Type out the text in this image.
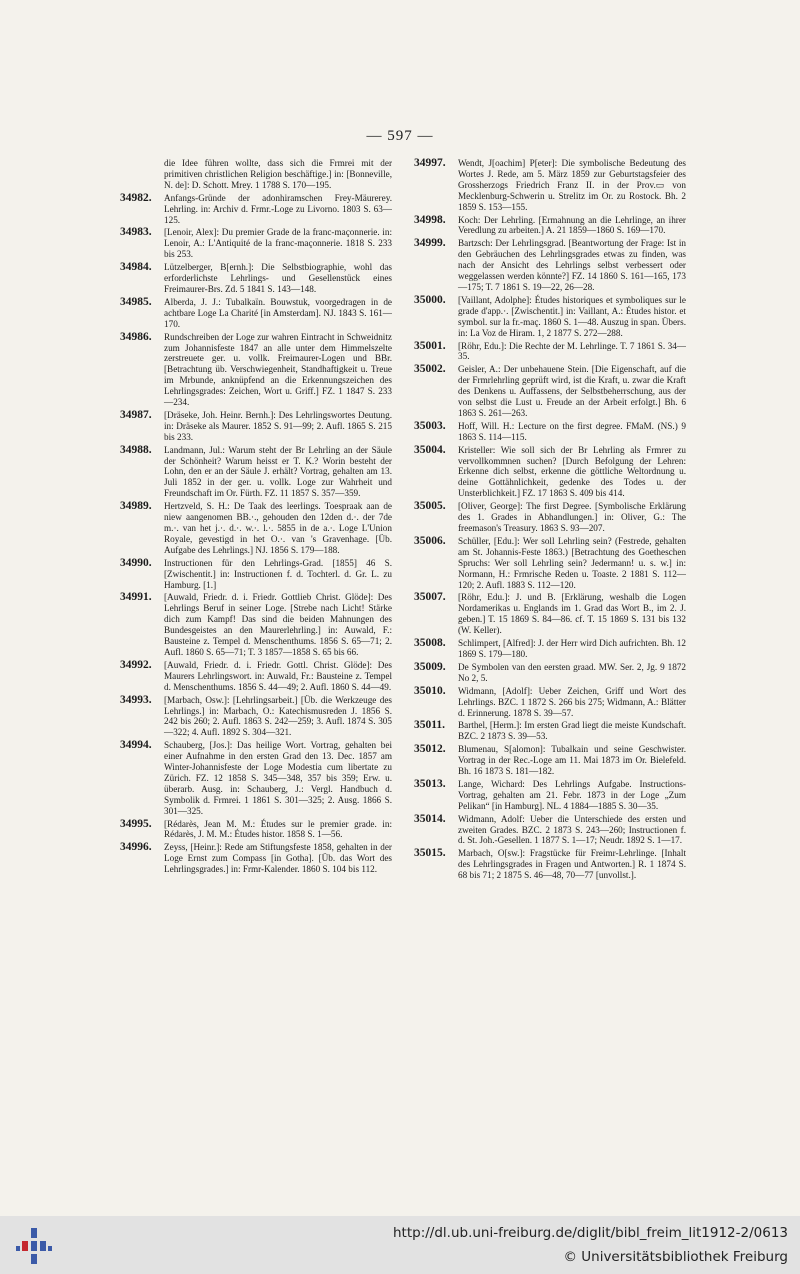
— 597 —
die Idee führen wollte, dass sich die Frmrei mit der primitiven christlichen Religion beschäftige.] in: [Bonneville, N. de]: D. Schott. Mrey. 1 1788 S. 170—195.
34982. Anfangs-Gründe der adonhiramschen Frey-Mäurerey. Lehrling. in: Archiv d. Frmr.-Loge zu Livorno. 1803 S. 63—125.
34983. [Lenoir, Alex]: Du premier Grade de la franc-maçonnerie. in: Lenoir, A.: L'Antiquité de la franc-maçonnerie. 1818 S. 233 bis 253.
34984. Lützelberger, B[ernh.]: Die Selbstbiographie, wohl das erforderlichste Lehrlings- und Gesellenstück eines Freimaurer-Brs. Zd. 5 1841 S. 143—148.
34985. Alberda, J. J.: Tubalkaïn. Bouwstuk, voorgedragen in de achtbare Loge La Charité [in Amsterdam]. NJ. 1843 S. 161—170.
34986. Rundschreiben der Loge zur wahren Eintracht in Schweidnitz zum Johannisfeste 1847 an alle unter dem Himmelszelte zerstreuete ger. u. vollk. Freimaurer-Logen und BBr. [Betrachtung üb. Verschwiegenheit, Standhaftigkeit u. Treue im Mrbunde, anknüpfend an die Erkennungszeichen des Lehrlingsgrades: Zeichen, Wort u. Griff.] FZ. 1 1847 S. 233—234.
34987. [Dräseke, Joh. Heinr. Bernh.]: Des Lehrlingswortes Deutung. in: Dräseke als Maurer. 1852 S. 91—99; 2. Aufl. 1865 S. 215 bis 233.
34988. Landmann, Jul.: Warum steht der Br Lehrling an der Säule der Schönheit? Warum heisst er T. K.? Worin besteht der Lohn, den er an der Säule J. erhält? Vortrag, gehalten am 13. Juli 1852 in der ger. u. vollk. Loge zur Wahrheit und Freundschaft im Or. Fürth. FZ. 11 1857 S. 357—359.
34989. Hertzveld, S. H.: De Taak des leerlings. Toespraak aan de niew aangenomen BB.·., gehouden den 12den d.·. der 7de m.·. van het j.·. d.·. w.·. l.·. 5855 in de a.·. Loge L'Union Royale, gevestigd in het O.·. van 's Gravenhage. [Üb. Aufgabe des Lehrlings.] NJ. 1856 S. 179—188.
34990. Instructionen für den Lehrlings-Grad. [1855] 46 S. [Zwischentit.] in: Instructionen f. d. Tochterl. d. Gr. L. zu Hamburg. [1.]
34991. [Auwald, Friedr. d. i. Friedr. Gottlieb Christ. Glöde]: Des Lehrlings Beruf in seiner Loge. [Strebe nach Licht! Stärke dich zum Kampf! Das sind die beiden Mahnungen des Bundesgeistes an den Maurerlehrling.] in: Auwald, F.: Bausteine z. Tempel d. Menschenthums. 1856 S. 65—71; 2. Aufl. 1860 S. 65—71; T. 3 1857—1858 S. 65 bis 66.
34992. [Auwald, Friedr. d. i. Friedr. Gottl. Christ. Glöde]: Des Maurers Lehrlingswort. in: Auwald, Fr.: Bausteine z. Tempel d. Menschenthums. 1856 S. 44—49; 2. Aufl. 1860 S. 44—49.
34993. [Marbach, Osw.]: [Lehrlingsarbeit.] [Üb. die Werkzeuge des Lehrlings.] in: Marbach, O.: Katechismusreden J. 1856 S. 242 bis 260; 2. Aufl. 1863 S. 242—259; 3. Aufl. 1874 S. 305—322; 4. Aufl. 1892 S. 304—321.
34994. Schauberg, [Jos.]: Das heilige Wort. Vortrag, gehalten bei einer Aufnahme in den ersten Grad den 13. Dec. 1857 am Winter-Johannisfeste der Loge Modestia cum libertate zu Zürich. FZ. 12 1858 S. 345—348, 357 bis 359; Erw. u. überarb. Ausg. in: Schauberg, J.: Vergl. Handbuch d. Symbolik d. Frmrei. 1 1861 S. 301—325; 2. Ausg. 1866 S. 301—325.
34995. [Rédarès, Jean M. M.: Études sur le premier grade. in: Rédarès, J. M. M.: Études histor. 1858 S. 1—56.
34996. Zeyss, [Heinr.]: Rede am Stiftungsfeste 1858, gehalten in der Loge Ernst zum Compass [in Gotha]. [Üb. das Wort des Lehrlingsgrades.] in: Frmr-Kalender. 1860 S. 104 bis 112.
34997. Wendt, J[oachim] P[eter]: Die symbolische Bedeutung des Wortes J. Rede, am 5. März 1859 zur Geburtstagsfeier des Grossherzogs Friedrich Franz II. in der Prov.▭ von Mecklenburg-Schwerin u. Strelitz im Or. zu Rostock. Bh. 2 1859 S. 153—155.
34998. Koch: Der Lehrling. [Ermahnung an die Lehrlinge, an ihrer Veredlung zu arbeiten.] A. 21 1859—1860 S. 169—170.
34999. Bartzsch: Der Lehrlingsgrad. [Beantwortung der Frage: Ist in den Gebräuchen des Lehrlingsgrades etwas zu finden, was nach der Ansicht des Lehrlings selbst verbessert oder weggelassen werden könnte?] FZ. 14 1860 S. 161—165, 173—175; T. 7 1861 S. 19—22, 26—28.
35000. [Vaillant, Adolphe]: Études historiques et symboliques sur le grade d'app.·. [Zwischentit.] in: Vaillant, A.: Études histor. et symbol. sur la fr.-maç. 1860 S. 1—48. Auszug in span. Übers. in: La Voz de Hiram. 1, 2 1877 S. 272—288.
35001. [Röhr, Edu.]: Die Rechte der M. Lehrlinge. T. 7 1861 S. 34—35.
35002. Geisler, A.: Der unbehauene Stein. [Die Eigenschaft, auf die der Frmrlehrling geprüft wird, ist die Kraft, u. zwar die Kraft des Denkens u. Auffassens, der Selbstbeherrschung, aus der von selbst die Lust u. Freude an der Arbeit erfolgt.] Bh. 6 1863 S. 261—263.
35003. Hoff, Will. H.: Lecture on the first degree. FMaM. (NS.) 9 1863 S. 114—115.
35004. Kristeller: Wie soll sich der Br Lehrling als Frmrer zu vervollkommnen suchen? [Durch Befolgung der Lehren: Erkenne dich selbst, erkenne die göttliche Weltordnung u. deine Gottähnlichkeit, gedenke des Todes u. der Unsterblichkeit.] FZ. 17 1863 S. 409 bis 414.
35005. [Oliver, George]: The first Degree. [Symbolische Erklärung des 1. Grades in Abhandlungen.] in: Oliver, G.: The freemason's Treasury. 1863 S. 93—207.
35006. Schüller, [Edu.]: Wer soll Lehrling sein? (Festrede, gehalten am St. Johannis-Feste 1863.) [Betrachtung des Goetheschen Spruchs: Wer soll Lehrling sein? Jedermann! u. s. w.] in: Normann, H.: Frmrische Reden u. Toaste. 2 1881 S. 112—120; 2. Aufl. 1883 S. 112—120.
35007. [Röhr, Edu.]: J. und B. [Erklärung, weshalb die Logen Nordamerikas u. Englands im 1. Grad das Wort B., im 2. J. geben.] T. 15 1869 S. 84—86. cf. T. 15 1869 S. 131 bis 132 (W. Keller).
35008. Schlimpert, [Alfred]: J. der Herr wird Dich aufrichten. Bh. 12 1869 S. 179—180.
35009. De Symbolen van den eersten graad. MW. Ser. 2, Jg. 9 1872 No 2, 5.
35010. Widmann, [Adolf]: Ueber Zeichen, Griff und Wort des Lehrlings. BZC. 1 1872 S. 266 bis 275; Widmann, A.: Blätter d. Erinnerung. 1878 S. 39—57.
35011. Barthel, [Herm.]: Im ersten Grad liegt die meiste Kundschaft. BZC. 2 1873 S. 39—53.
35012. Blumenau, S[alomon]: Tubalkain und seine Geschwister. Vortrag in der Rec.-Loge am 11. Mai 1873 im Or. Bielefeld. Bh. 16 1873 S. 181—182.
35013. Lange, Wichard: Des Lehrlings Aufgabe. Instructions-Vortrag, gehalten am 21. Febr. 1873 in der Loge „Zum Pelikan“ [in Hamburg]. NL. 4 1884—1885 S. 30—35.
35014. Widmann, Adolf: Ueber die Unterschiede des ersten und zweiten Grades. BZC. 2 1873 S. 243—260; Instructionen f. d. St. Joh.-Gesellen. 1 1877 S. 1—17; Neudr. 1892 S. 1—17.
35015. Marbach, O[sw.]: Fragstücke für Freimr-Lehrlinge. [Inhalt des Lehrlingsgrades in Fragen und Antworten.] R. 1 1874 S. 68 bis 71; 2 1875 S. 46—48, 70—77 [unvollst.].
http://dl.ub.uni-freiburg.de/diglit/bibl_freim_lit1912-2/0613
© Universitätsbibliothek Freiburg
